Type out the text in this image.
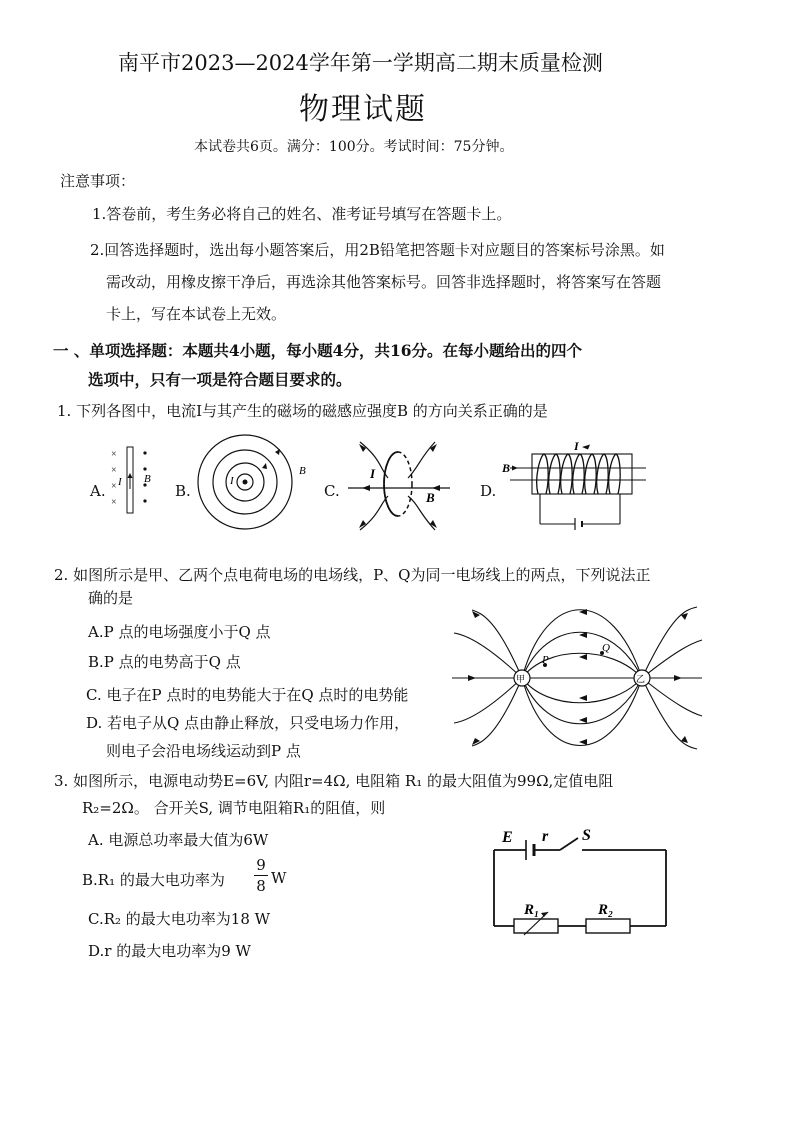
南平市2023—2024学年第一学期高二期末质量检测
物理试题
本试卷共6页。满分：100分。考试时间：75分钟。
注意事项：
1.答卷前，考生务必将自己的姓名、准考证号填写在答题卡上。
2.回答选择题时，选出每小题答案后，用2B铅笔把答题卡对应题目的答案标号涂黑。如
需改动，用橡皮擦干净后，再选涂其他答案标号。回答非选择题时，将答案写在答题
卡上，写在本试卷上无效。
一 、单项选择题：本题共4小题，每小题4分，共16分。在每小题给出的四个
选项中，只有一项是符合题目要求的。
1. 下列各图中，电流I与其产生的磁场的磁感应强度B 的方向关系正确的是
A.	B.	C.	D.
×
×
×
×
I B	I
B	I
B
I
B
2. 如图所示是甲、乙两个点电荷电场的电场线，P、Q为同一电场线上的两点，下列说法正
确的是
A.P 点的电场强度小于Q 点
B.P 点的电势高于Q 点
C. 电子在P 点时的电势能大于在Q 点时的电势能
D. 若电子从Q 点由静止释放，只受电场力作用，
则电子会沿电场线运动到P 点
甲	乙
P
Q
3. 如图所示，电源电动势E=6V, 内阻r=4Ω, 电阻箱 R₁ 的最大阻值为99Ω,定值电阻
R₂=2Ω。 合开关S, 调节电阻箱R₁的阻值，则
A. 电源总功率最大值为6W
B.R₁ 的最大电功率为
9
8 W
C.R₂ 的最大电功率为18 W
D.r 的最大电功率为9 W
E r S
R₁	R₂
